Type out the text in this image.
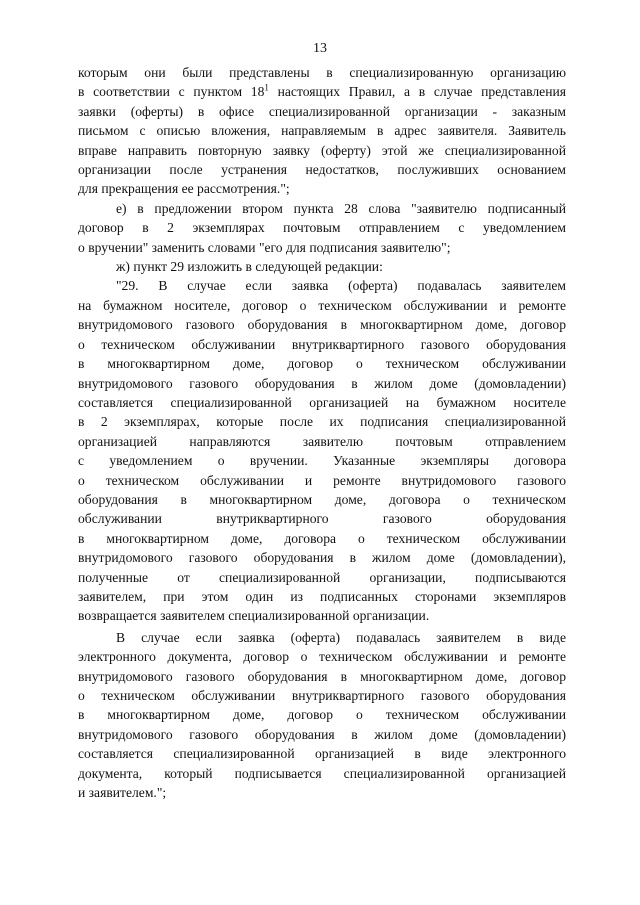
13

которым они были представлены в специализированную организацию

в соответствии с пунктом $18^1$ настоящих Правил, а в случае представления

заявки (оферты) в офисе специализированной организации - заказным

письмом с описью вложения, направляемым в адрес заявителя. Заявитель

вправе направить повторную заявку (оферту) этой же специализированной

организации после устранения недостатков, послуживших основанием

для прекращения ее рассмотрения.";

е) в предложении втором пункта 28 слова "заявителю подписанный

договор в 2 экземплярах почтовым отправлением с уведомлением

о вручении" заменить словами "его для подписания заявителю";

ж) пункт 29 изложить в следующей редакции:

"29. В случае если заявка (оферта) подавалась заявителем

на бумажном носителе, договор о техническом обслуживании и ремонте

внутридомового газового оборудования в многоквартирном доме, договор

о техническом обслуживании внутриквартирного газового оборудования

в многоквартирном доме, договор о техническом обслуживании

внутридомового газового оборудования в жилом доме (домовладении)

составляется специализированной организацией на бумажном носителе

в 2 экземплярах, которые после их подписания специализированной

организацией направляются заявителю почтовым отправлением

с уведомлением о вручении. Указанные экземпляры договора

о техническом обслуживании и ремонте внутридомового газового

оборудования в многоквартирном доме, договора о техническом

обслуживании внутриквартирного газового оборудования

в многоквартирном доме, договора о техническом обслуживании

внутридомового газового оборудования в жилом доме (домовладении),

полученные от специализированной организации, подписываются

заявителем, при этом один из подписанных сторонами экземпляров

возвращается заявителем специализированной организации.

В случае если заявка (оферта) подавалась заявителем в виде

электронного документа, договор о техническом обслуживании и ремонте

внутридомового газового оборудования в многоквартирном доме, договор

о техническом обслуживании внутриквартирного газового оборудования

в многоквартирном доме, договор о техническом обслуживании

внутридомового газового оборудования в жилом доме (домовладении)

составляется специализированной организацией в виде электронного

документа, который подписывается специализированной организацией

и заявителем.";
